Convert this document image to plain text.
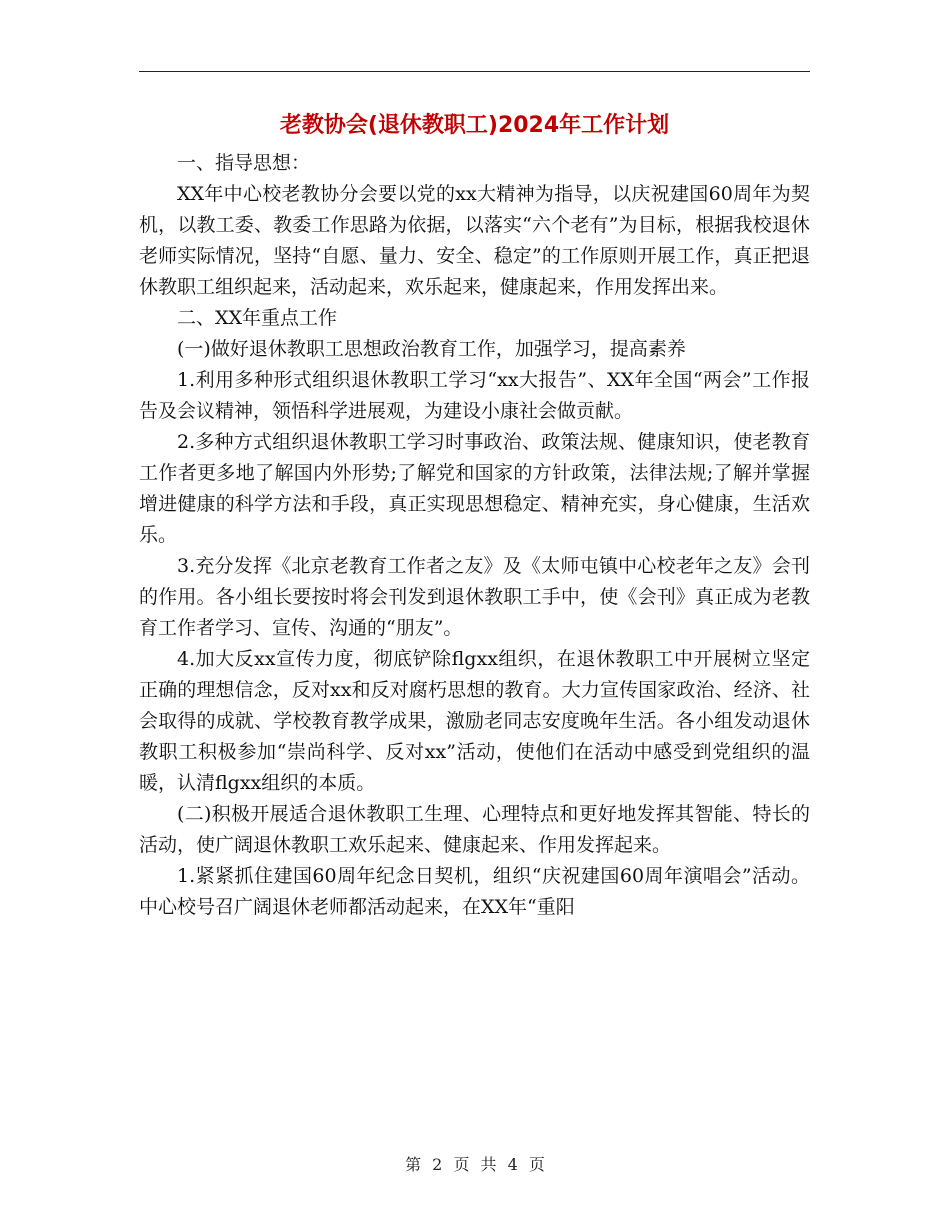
老教协会(退休教职工)2024年工作计划

一、指导思想：

XX年中心校老教协分会要以党的xx大精神为指导，以庆祝建国60周年为契机，以教工委、教委工作思路为依据，以落实“六个老有”为目标，根据我校退休老师实际情况，坚持“自愿、量力、安全、稳定”的工作原则开展工作，真正把退休教职工组织起来，活动起来，欢乐起来，健康起来，作用发挥出来。

二、XX年重点工作

(一)做好退休教职工思想政治教育工作，加强学习，提高素养

1.利用多种形式组织退休教职工学习“xx大报告”、XX年全国“两会”工作报告及会议精神，领悟科学进展观，为建设小康社会做贡献。

2.多种方式组织退休教职工学习时事政治、政策法规、健康知识，使老教育工作者更多地了解国内外形势;了解党和国家的方针政策，法律法规;了解并掌握增进健康的科学方法和手段，真正实现思想稳定、精神充实，身心健康，生活欢乐。

3.充分发挥《北京老教育工作者之友》及《太师屯镇中心校老年之友》会刊的作用。各小组长要按时将会刊发到退休教职工手中，使《会刊》真正成为老教育工作者学习、宣传、沟通的“朋友”。

4.加大反xx宣传力度，彻底铲除flgxx组织，在退休教职工中开展树立坚定正确的理想信念，反对xx和反对腐朽思想的教育。大力宣传国家政治、经济、社会取得的成就、学校教育教学成果，激励老同志安度晚年生活。各小组发动退休教职工积极参加“崇尚科学、反对xx”活动，使他们在活动中感受到党组织的温暖，认清flgxx组织的本质。

(二)积极开展适合退休教职工生理、心理特点和更好地发挥其智能、特长的活动，使广阔退休教职工欢乐起来、健康起来、作用发挥起来。

1.紧紧抓住建国60周年纪念日契机，组织“庆祝建国60周年演唱会”活动。中心校号召广阔退休老师都活动起来，在XX年“重阳

第 2 页 共 4 页
